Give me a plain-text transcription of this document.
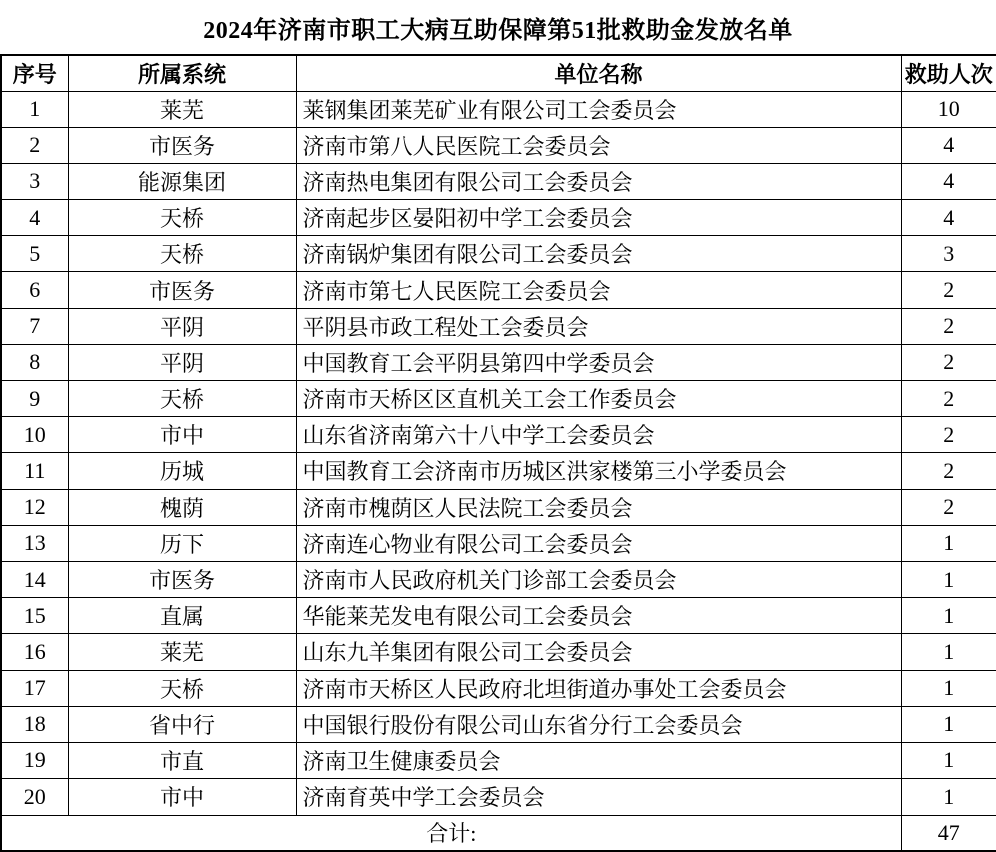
2024年济南市职工大病互助保障第51批救助金发放名单
序号	所属系统	单位名称	救助人次
1	莱芜	莱钢集团莱芜矿业有限公司工会委员会	10
2	市医务	济南市第八人民医院工会委员会	4
3	能源集团	济南热电集团有限公司工会委员会	4
4	天桥	济南起步区晏阳初中学工会委员会	4
5	天桥	济南锅炉集团有限公司工会委员会	3
6	市医务	济南市第七人民医院工会委员会	2
7	平阴	平阴县市政工程处工会委员会	2
8	平阴	中国教育工会平阴县第四中学委员会	2
9	天桥	济南市天桥区区直机关工会工作委员会	2
10	市中	山东省济南第六十八中学工会委员会	2
11	历城	中国教育工会济南市历城区洪家楼第三小学委员会	2
12	槐荫	济南市槐荫区人民法院工会委员会	2
13	历下	济南连心物业有限公司工会委员会	1
14	市医务	济南市人民政府机关门诊部工会委员会	1
15	直属	华能莱芜发电有限公司工会委员会	1
16	莱芜	山东九羊集团有限公司工会委员会	1
17	天桥	济南市天桥区人民政府北坦街道办事处工会委员会	1
18	省中行	中国银行股份有限公司山东省分行工会委员会	1
19	市直	济南卫生健康委员会	1
20	市中	济南育英中学工会委员会	1
合计:			47
